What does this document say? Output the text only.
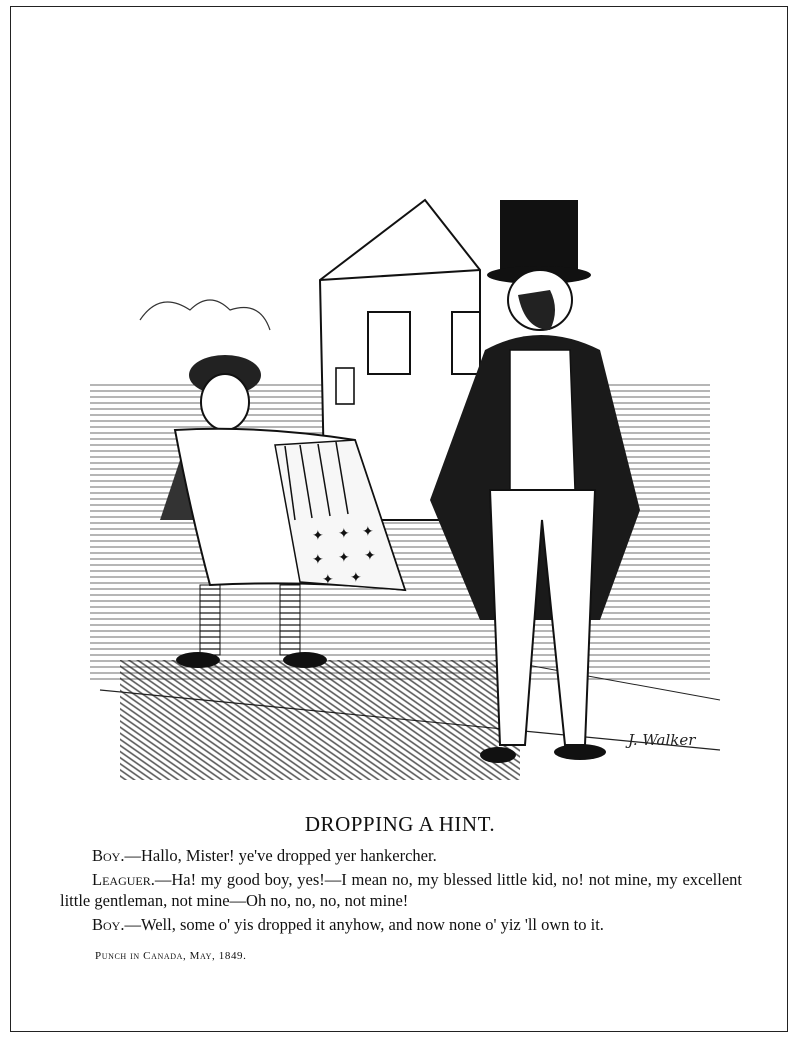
✦ ✦ ✦
✦ ✦ ✦
✦ ✦
J. Walker
DROPPING A HINT.

Boy.—Hallo, Mister! ye've dropped yer hankercher.

Leaguer.—Ha! my good boy, yes!—I mean no, my blessed little kid, no! not mine, my excellent little gentleman, not mine—Oh no, no, no, not mine!

Boy.—Well, some o' yis dropped it anyhow, and now none o' yiz 'll own to it.

Punch in Canada, May, 1849.
